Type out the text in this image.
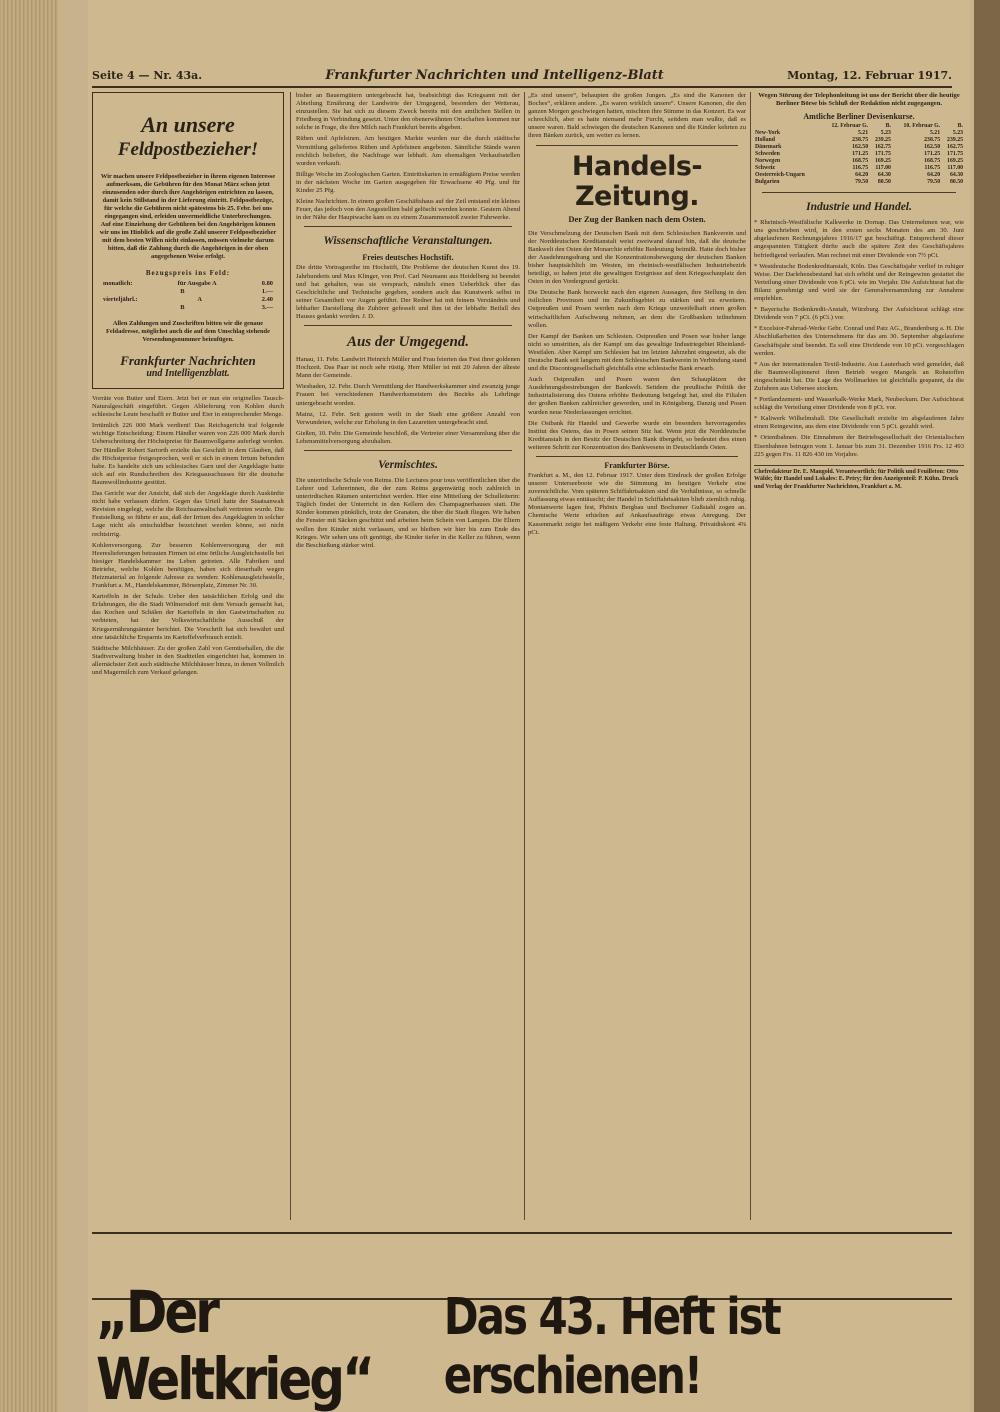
Seite 4 — Nr. 43a.	Frankfurter Nachrichten und Intelligenz-Blatt	Montag, 12. Februar 1917.
An unsere
Feldpostbezieher!

Wir machen unsere Feldpostbezieher in ihrem eigenen Interesse aufmerksam, die Gebühren für den Monat März schon jetzt einzusenden oder durch ihre Angehörigen entrichten zu lassen, damit kein Stillstand in der Lieferung eintritt. Feldpostbezüge, für welche die Gebühren nicht spätestens bis 25. Febr. bei uns eingegangen sind, erleiden unvermeidliche Unterbrechungen. Auf eine Einziehung der Gebühren bei den Angehörigen können wir uns im Hinblick auf die große Zahl unserer Feldpostbezieher mit dem besten Willen nicht einlassen, müssen vielmehr darum bitten, daß die Zahlung durch die Angehörigen in der oben angegebenen Weise erfolgt.

Bezugspreis ins Feld:
monatlich:	für Ausgabe A	0.80
B	1.—
vierteljährl.:	A	2.40
B	3.—

Allen Zahlungen und Zuschriften bitten wir die genaue Feldadresse, möglichst auch die auf dem Umschlag stehende Versendungsnummer beizufügen.

Frankfurter Nachrichten
und Intelligenzblatt.

Vorräte von Butter und Eiern. Jetzt bei er nun ein originelles Tausch-Naturalgeschäft eingeführt. Gegen Ablieferung von Kohlen durch schlesische Leute beschafft er Butter und Eier in entsprechender Menge.

Irrtümlich 226 000 Mark verdient! Das Reichsgericht traf folgende wichtige Entscheidung: Einem Händler waren von 226 000 Mark durch Ueberschreitung der Höchstpreise für Baumwollgarne auferlegt worden. Der Händler Robert Sartorth erzielte das Geschäft in dem Glauben, daß die Höchstpreise freigesprochen, weil er sich in einem Irrtum befunden habe. Es handelte sich um schlesisches Garn und der Angeklagte hatte sich auf ein Rundschreiben des Kriegsausschusses für die deutsche Baumwollindustrie gestützt.

Das Gericht war der Ansicht, daß sich der Angeklagte durch Auskünfte nicht habe verlassen dürfen. Gegen das Urteil hatte der Staatsanwalt Revision eingelegt, welche die Reichsanwaltschaft vertreten wurde. Die Feststellung, so führte er aus, daß der Irrtum des Angeklagten in solcher Lage nicht als entschuldbar bezeichnet werden könne, sei nicht rechtsirrig.

Kohlenversorgung. Zur besseren Kohlenversorgung der mit Heereslieferungen betrauten Firmen ist eine örtliche Ausgleichsstelle bei hiesiger Handelskammer ins Leben getreten. Alle Fabriken und Betriebe, welche Kohlen benötigen, haben sich dieserhalb wegen Heizmaterial an folgende Adresse zu wenden: Kohlenausgleichsstelle, Frankfurt a. M., Handelskammer, Börsenplatz, Zimmer Nr. 30.

Kartoffeln in der Schule. Ueber den tatsächlichen Erfolg und die Erfahrungen, die die Stadt Wilmersdorf mit dem Versuch gemacht hat, das Kochen und Schälen der Kartoffeln in den Gastwirtschaften zu verbieten, hat der Volkswirtschaftliche Ausschuß der Kriegsernährungsämter berichtet. Die Vorschrift hat sich bewährt und eine tatsächliche Ersparnis im Kartoffelverbrauch erzielt.

Städtische Milchhäuser. Zu der großen Zahl von Gemüsehallen, die die Stadtverwaltung bisher in den Stadtteilen eingerichtet hat, kommen in allernächster Zeit auch städtische Milchhäuser hinzu, in denen Vollmilch und Magermilch zum Verkauf gelangen.

bisher an Bauerngütern untergebracht hat, beabsichtigt das Kriegsamt mit der Abteilung Ernährung der Landwirte der Umgegend, besonders der Wetterau, einzustellen. Sie hat sich zu diesem Zweck bereits mit den amtlichen Stellen in Friedberg in Verbindung gesetzt. Unter den obenerwähnten Ortschaften kommen nur solche in Frage, die ihre Milch nach Frankfurt bereits abgeben.

Rüben und Apfelsinen. Am heutigen Markte wurden nur die durch städtische Vermittlung geliefertes Rüben und Apfelsinen angeboten. Sämtliche Stände waren reichlich beliefert, die Nachfrage war lebhaft. Am ehemaligen Verkaufsstellen wurden verkauft.

Billige Woche im Zoologischen Garten. Eintrittskarten in ermäßigtem Preise werden in der nächsten Woche im Garten ausgegeben für Erwachsene 40 Pfg. und für Kinder 25 Pfg.

Kleine Nachrichten. In einem großen Geschäftshaus auf der Zeil entstand ein kleines Feuer, das jedoch von den Angestellten bald gelöscht werden konnte. Gestern Abend in der Nähe der Hauptwache kam es zu einem Zusammenstoß zweier Fuhrwerke.

Wissenschaftliche Veranstaltungen.
Freies deutsches Hochstift.

Die dritte Vortragsreihe im Hochstift, Die Probleme der deutschen Kunst des 19. Jahrhunderts und Max Klinger, von Prof. Carl Neumann aus Heidelberg ist beendet und hat gehalten, was sie versprach, nämlich einen Ueberblick über das Geschichtliche und Technische gegeben, sondern auch das Kunstwerk selbst in seiner Gesamtheit vor Augen geführt. Der Redner hat mit feinem Verständnis und lebhafter Darstellung die Zuhörer gefesselt und ihm ist der lebhafte Beifall des Hauses gedankt worden. J. D.

Aus der Umgegend.

Hanau, 11. Febr. Landwirt Heinrich Müller und Frau feierten das Fest ihrer goldenen Hochzeit. Das Paar ist noch sehr rüstig. Herr Müller ist mit 20 Jahren der älteste Mann der Gemeinde.

Wiesbaden, 12. Febr. Durch Vermittlung der Handwerkskammer sind zwanzig junge Frauen bei verschiedenen Handwerksmeistern des Bezirks als Lehrlinge untergebracht worden.

Mainz, 12. Febr. Seit gestern weilt in der Stadt eine größere Anzahl von Verwundeten, welche zur Erholung in den Lazaretten untergebracht sind.

Gießen, 10. Febr. Die Gemeinde beschloß, die Vertreter einer Versammlung über die Lebensmittelversorgung abzuhalten.

Vermischtes.

Die unterirdische Schule von Reims. Die Lectures pour tous veröffentlichen über die Lehrer und Lehrerinnen, die der zum Reims gegenwärtig noch zahlreich in unterirdischen Räumen unterrichtet werden. Hier eine Mitteilung der Schulleiterin: Täglich findet der Unterricht in den Kellern des Champagnerhauses statt. Die Kinder kommen pünktlich, trotz der Granaten, die über die Stadt fliegen. Wir haben die Fenster mit Säcken geschützt und arbeiten beim Schein von Lampen. Die Eltern wollen ihre Kinder nicht verlassen, und so bleiben wir hier bis zum Ende des Krieges. Wir sehen uns oft genötigt, die Kinder tiefer in die Keller zu führen, wenn die Beschießung stärker wird.

„Es sind unsere“, behaupten die großen Jungen. „Es sind die Kanonen der Boches“, erklären andere. „Es waren wirklich unsere“. Unsere Kanonen, die den ganzen Morgen geschwiegen hatten, mischten ihre Stimme in das Konzert. Es war schrecklich, aber es hatte niemand mehr Furcht, seitdem man wußte, daß es unsere waren. Bald schwiegen die deutschen Kanonen und die Kinder kehrten zu ihren Bänken zurück, um weiter zu lernen.

Handels-Zeitung.
Der Zug der Banken nach dem Osten.

Die Verschmelzung der Deutschen Bank mit dem Schlesischen Bankverein und der Norddeutschen Kreditanstalt weist zweiwand darauf hin, daß die deutsche Bankwelt den Osten der Monarchie erhöhte Bedeutung beimißt. Hatte doch bisher der Ausdehnungsdrang und die Konzentrationsbewegung der deutschen Banken bisher hauptsächlich im Westen, im rheinisch-westfälischen Industriebezirk beteiligt, so haben jetzt die gewaltigen Ereignisse auf dem Kriegsschauplatz den Osten in den Vordergrund gerückt.

Die Deutsche Bank bezweckt nach den eigenen Aussagen, ihre Stellung in den östlichen Provinzen und im Zukunftsgebiet zu stärken und zu erweitern. Ostpreußen und Posen werden nach dem Kriege unzweifelhaft einen großen wirtschaftlichen Aufschwung nehmen, an dem die Großbanken teilnehmen wollen.

Der Kampf der Banken um Schlesien. Ostpreußen und Posen war bisher lange nicht so umstritten, als der Kampf um das gewaltige Industriegebiet Rheinland-Westfalen. Aber Kampf um Schlesien hat im letzten Jahrzehnt eingesetzt, als die Deutsche Bank seit langem mit dem Schlesischen Bankverein in Verbindung stand und die Discontogesellschaft gleichfalls eine schlesische Bank erwarb.

Auch Ostpreußen und Posen waren den Schauplätzen der Ausdehnungsbestrebungen der Bankwelt. Seitdem die preußische Politik der Industrialisierung des Ostens erhöhte Bedeutung beigelegt hat, sind die Filialen der großen Banken zahlreicher geworden, und in Königsberg, Danzig und Posen wurden neue Niederlassungen errichtet.

Die Ostbank für Handel und Gewerbe wurde ein besonders hervorragendes Institut des Ostens, das in Posen seinen Sitz hat. Wenn jetzt die Norddeutsche Kreditanstalt in den Besitz der Deutschen Bank übergeht, so bedeutet dies einen weiteren Schritt zur Konzentration des Bankwesens in Deutschlands Osten.

Frankfurter Börse.

Frankfurt a. M., den 12. Februar 1917. Unter dem Eindruck der großen Erfolge unserer Unterseeboote wie die Stimmung im heutigen Verkehr eine zuversichtliche. Vom späteren Schiffahrtsaktien sind die Verhältnisse, so schnelle Auffassung etwas enttäuscht; der Handel in Schiffahrtsaktien blieb ziemlich ruhig. Montanwerte lagen fest, Phönix Bergbau und Bochumer Gußstahl zogen an. Chemische Werte erhielten auf Ankaufsaufträge etwas Anregung. Der Kassenmarkt zeigte bei mäßigem Verkehr eine feste Haltung. Privatdiskont 4⅝ pCt.

Wegen Störung der Telephonleitung ist uns der Bericht über die heutige Berliner Börse bis Schluß der Redaktion nicht zugegangen.

Amtliche Berliner Devisenkurse.
	12. Februar G.	B.	10. Februar G.	B.
New-York	5.21	5.23	5.21	5.23
Holland	238.75	239.25	238.75	239.25
Dänemark	162.50	162.75	162.50	162.75
Schweden	171.25	171.75	171.25	171.75
Norwegen	168.75	169.25	168.75	169.25
Schweiz	116.75	117.00	116.75	117.00
Oesterreich-Ungarn	64.20	64.30	64.20	64.30
Bulgarien	79.50	80.50	79.50	80.50
Industrie und Handel.

* Rheinisch-Westfälische Kalkwerke in Dornap. Das Unternehmen war, wie uns geschrieben wird, in den ersten sechs Monaten des am 30. Juni abgelaufenen Rechnungsjahres 1916/17 gut beschäftigt. Entsprechend dieser angespannten Tätigkeit dürfte auch die spätere Zeit des Geschäftsjahres befriedigend verlaufen. Man rechnet mit einer Dividende von 7½ pCt.

* Westdeutsche Bodenkreditanstalt, Köln. Das Geschäftsjahr verlief in ruhiger Weise. Der Darlehensbestand hat sich erhöht und der Reingewinn gestattet die Verteilung einer Dividende von 6 pCt. wie im Vorjahr. Die Aufsichtsrat hat die Bilanz genehmigt und wird sie der Generalversammlung zur Annahme empfehlen.

* Bayerische Bodenkredit-Anstalt, Würzburg. Der Aufsichtsrat schlägt eine Dividende von 7 pCt. (6 pCt.) vor.

* Excelsior-Fahrrad-Werke Gebr. Conrad und Patz AG., Brandenburg a. H. Die Abschlußarbeiten des Unternehmens für das am 30. September abgelaufene Geschäftsjahr sind beendet. Es soll eine Dividende von 10 pCt. vorgeschlagen werden.

* Aus der internationalen Textil-Industrie. Aus Lauterbach wird gemeldet, daß die Baumwollspinnerei ihren Betrieb wegen Mangels an Rohstoffen eingeschränkt hat. Die Lage des Wollmarktes ist gleichfalls gespannt, da die Zufuhren aus Uebersee stocken.

* Portlandzement- und Wasserkalk-Werke Mark, Neubeckum. Der Aufsichtsrat schlägt die Verteilung einer Dividende von 8 pCt. vor.

* Kaliwerk Wilhelmshall. Die Gesellschaft erzielte im abgelaufenen Jahre einen Reingewinn, aus dem eine Dividende von 5 pCt. gezahlt wird.

* Orientbahnen. Die Einnahmen der Betriebsgesellschaft der Orientalischen Eisenbahnen betrugen vom 1. Januar bis zum 31. Dezember 1916 Frs. 12 493 225 gegen Frs. 11 826 430 im Vorjahre.

Chefredakteur Dr. E. Mangold. Verantwortlich: für Politik und Feuilleton: Otto Wälde; für Handel und Lokales: E. Petry; für den Anzeigenteil: P. Kühn. Druck und Verlag der Frankfurter Nachrichten, Frankfurt a. M.
„Der Weltkrieg“
Das 43. Heft ist erschienen!
